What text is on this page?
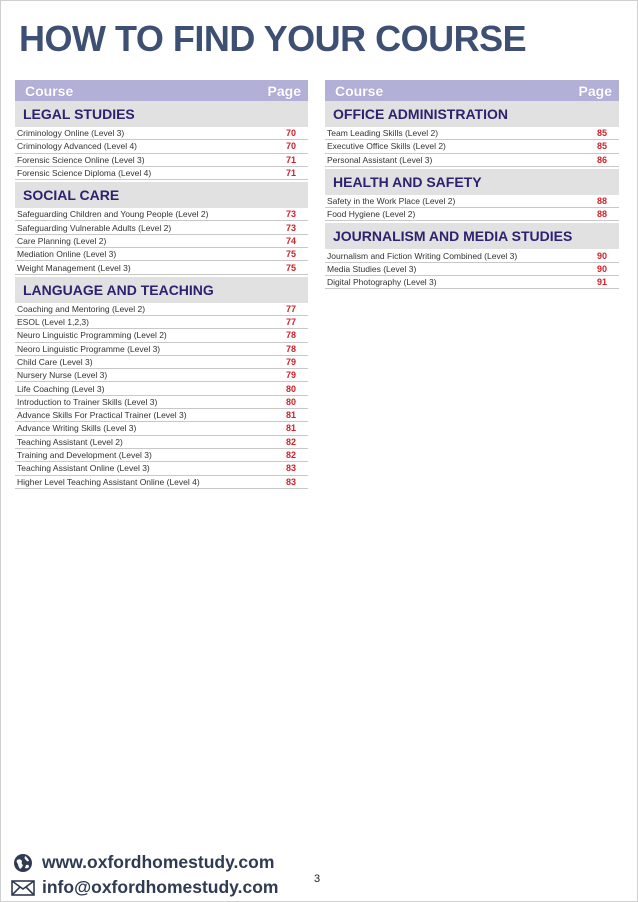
HOW TO FIND YOUR COURSE
Course	Page
LEGAL STUDIES
Criminology Online (Level 3)	70
Criminology Advanced (Level 4)	70
Forensic Science Online (Level 3)	71
Forensic Science Diploma (Level 4)	71
SOCIAL CARE
Safeguarding Children and Young People (Level 2)	73
Safeguarding Vulnerable Adults (Level 2)	73
Care Planning (Level 2)	74
Mediation Online (Level 3)	75
Weight Management (Level 3)	75
LANGUAGE AND TEACHING
Coaching and Mentoring (Level 2)	77
ESOL (Level 1,2,3)	77
Neuro Linguistic Programming (Level 2)	78
Neoro Linguistic Programme (Level 3)	78
Child Care (Level 3)	79
Nursery Nurse (Level 3)	79
Life Coaching (Level 3)	80
Introduction to Trainer Skills (Level 3)	80
Advance Skills For Practical Trainer (Level 3)	81
Advance Writing Skills (Level 3)	81
Teaching Assistant (Level 2)	82
Training and Development (Level 3)	82
Teaching Assistant Online (Level 3)	83
Higher Level Teaching Assistant Online (Level 4)	83
Course	Page
OFFICE ADMINISTRATION
Team Leading Skills (Level 2)	85
Executive Office Skills (Level 2)	85
Personal Assistant (Level 3)	86
HEALTH AND SAFETY
Safety in the Work Place (Level 2)	88
Food Hygiene (Level 2)	88
JOURNALISM AND MEDIA STUDIES
Journalism and Fiction Writing Combined (Level 3)	90
Media Studies (Level 3)	90
Digital Photography (Level 3)	91
www.oxfordhomestudy.com
info@oxfordhomestudy.com	3
